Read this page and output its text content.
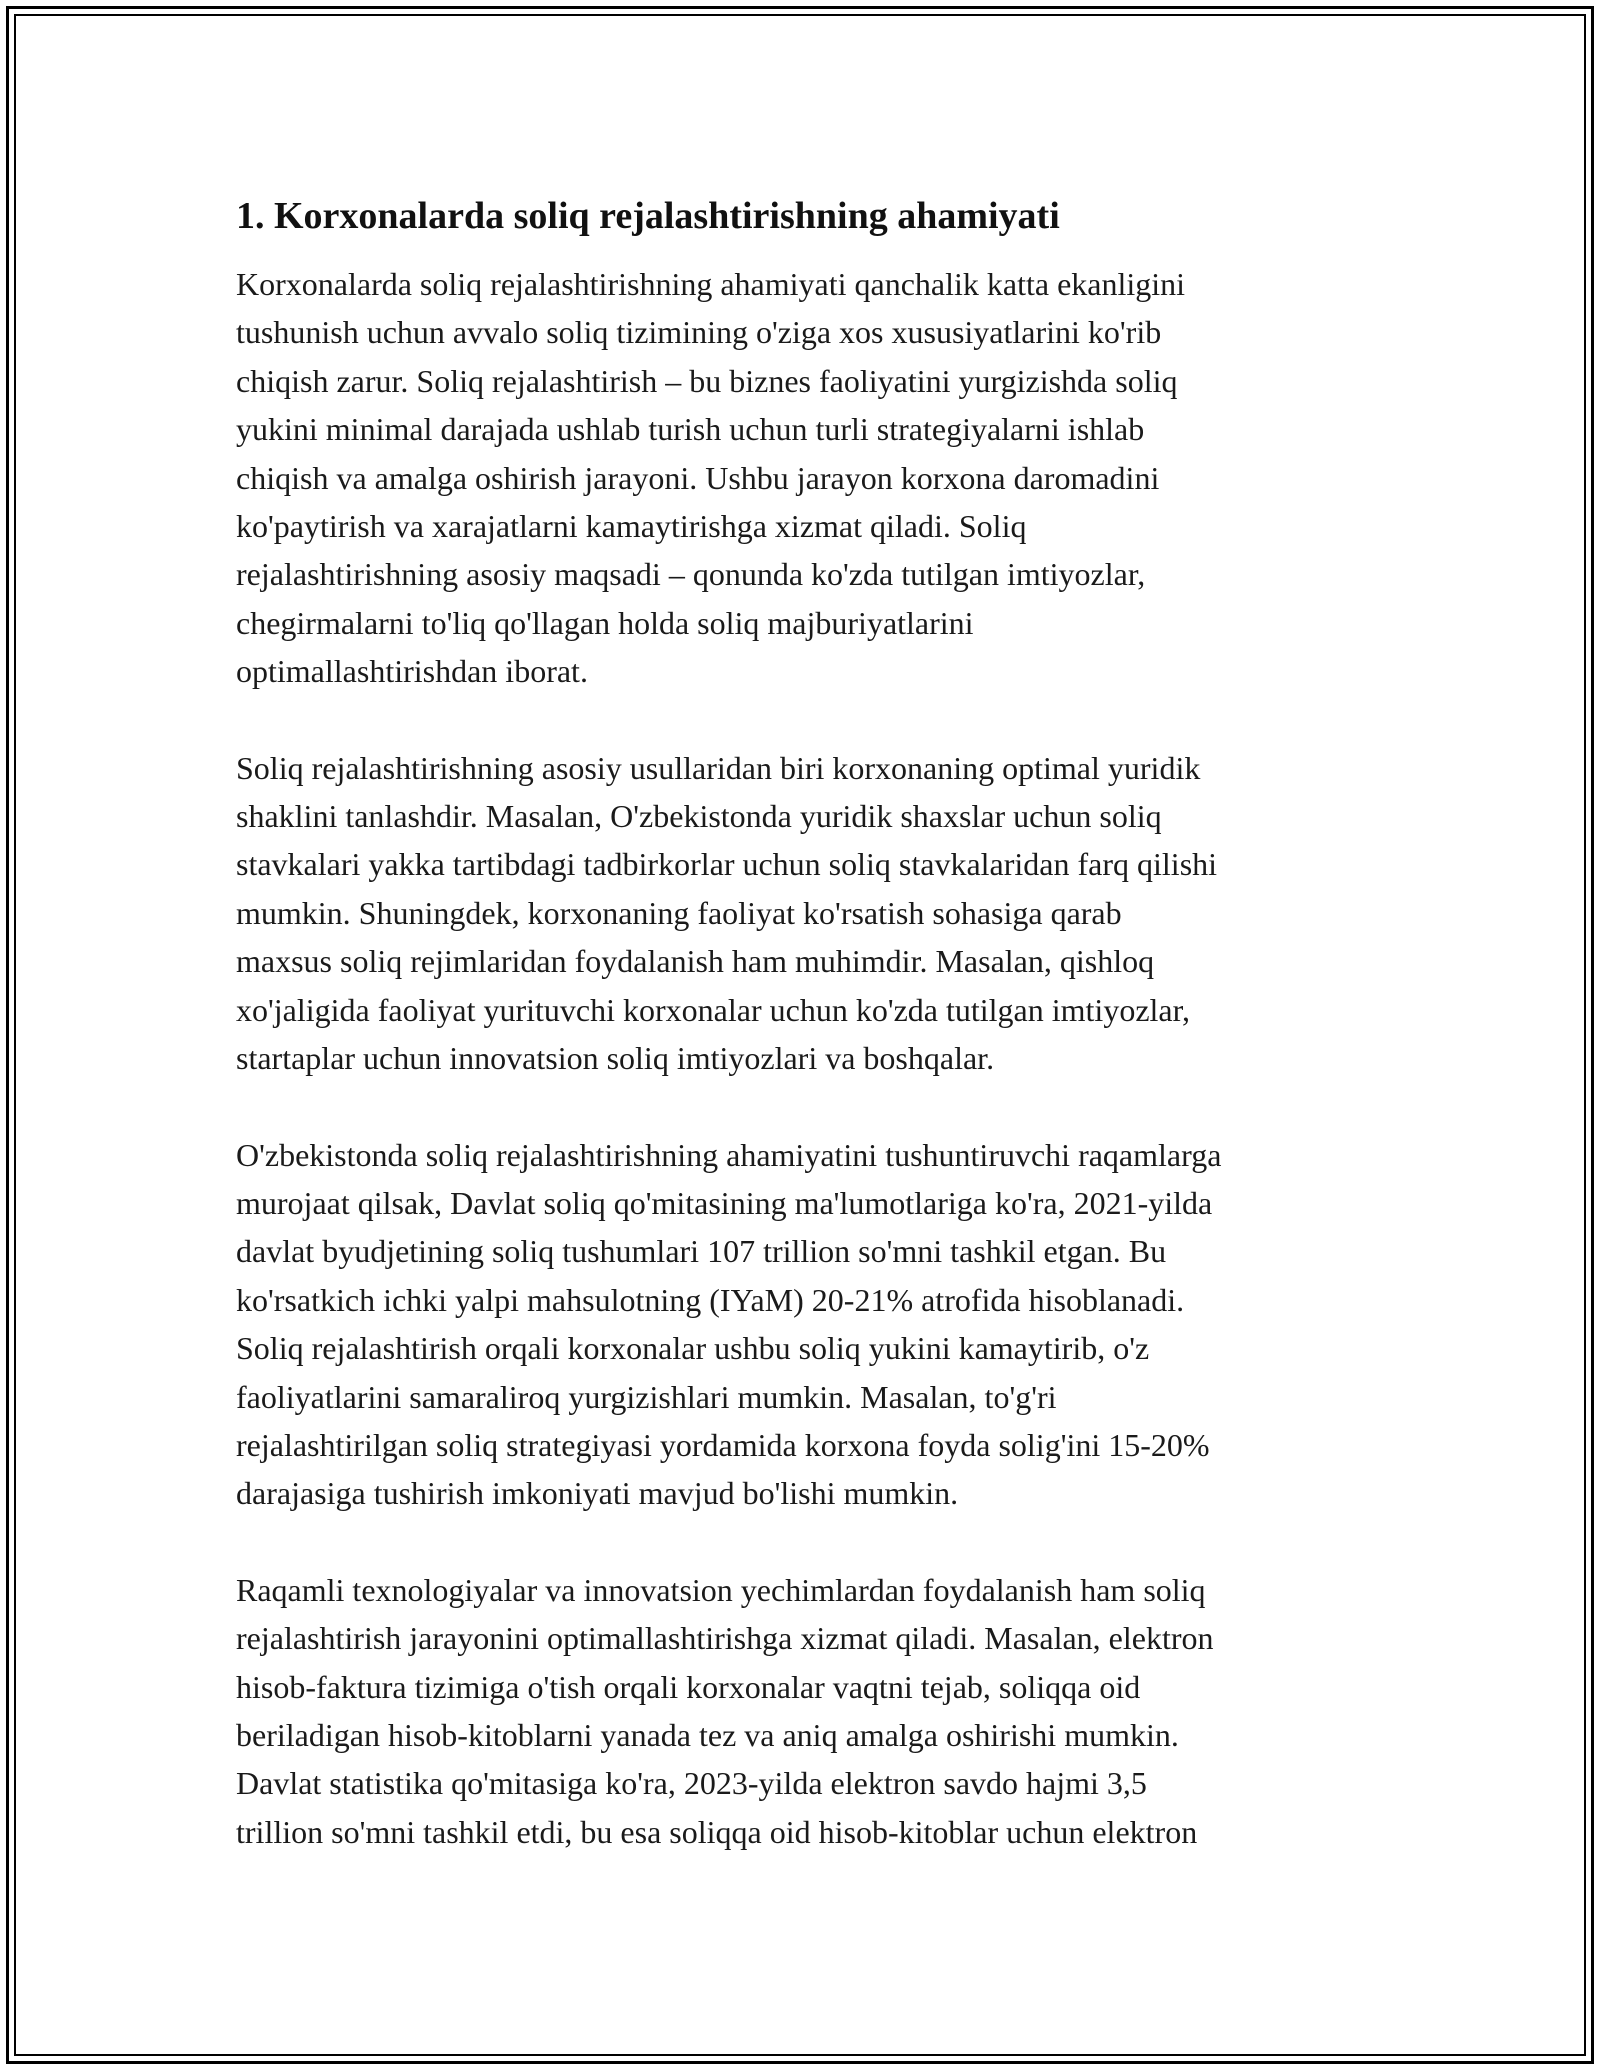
1. Korxonalarda soliq rejalashtirishning ahamiyati
Korxonalarda soliq rejalashtirishning ahamiyati qanchalik katta ekanligini
tushunish uchun avvalo soliq tizimining o'ziga xos xususiyatlarini ko'rib
chiqish zarur. Soliq rejalashtirish – bu biznes faoliyatini yurgizishda soliq
yukini minimal darajada ushlab turish uchun turli strategiyalarni ishlab
chiqish va amalga oshirish jarayoni. Ushbu jarayon korxona daromadini
ko'paytirish va xarajatlarni kamaytirishga xizmat qiladi. Soliq
rejalashtirishning asosiy maqsadi – qonunda ko'zda tutilgan imtiyozlar,
chegirmalarni to'liq qo'llagan holda soliq majburiyatlarini
optimallashtirishdan iborat.
Soliq rejalashtirishning asosiy usullaridan biri korxonaning optimal yuridik
shaklini tanlashdir. Masalan, O'zbekistonda yuridik shaxslar uchun soliq
stavkalari yakka tartibdagi tadbirkorlar uchun soliq stavkalaridan farq qilishi
mumkin. Shuningdek, korxonaning faoliyat ko'rsatish sohasiga qarab
maxsus soliq rejimlaridan foydalanish ham muhimdir. Masalan, qishloq
xo'jaligida faoliyat yurituvchi korxonalar uchun ko'zda tutilgan imtiyozlar,
startaplar uchun innovatsion soliq imtiyozlari va boshqalar.
O'zbekistonda soliq rejalashtirishning ahamiyatini tushuntiruvchi raqamlarga
murojaat qilsak, Davlat soliq qo'mitasining ma'lumotlariga ko'ra, 2021-yilda
davlat byudjetining soliq tushumlari 107 trillion so'mni tashkil etgan. Bu
ko'rsatkich ichki yalpi mahsulotning (IYaM) 20-21% atrofida hisoblanadi.
Soliq rejalashtirish orqali korxonalar ushbu soliq yukini kamaytirib, o'z
faoliyatlarini samaraliroq yurgizishlari mumkin. Masalan, to'g'ri
rejalashtirilgan soliq strategiyasi yordamida korxona foyda solig'ini 15-20%
darajasiga tushirish imkoniyati mavjud bo'lishi mumkin.
Raqamli texnologiyalar va innovatsion yechimlardan foydalanish ham soliq
rejalashtirish jarayonini optimallashtirishga xizmat qiladi. Masalan, elektron
hisob-faktura tizimiga o'tish orqali korxonalar vaqtni tejab, soliqqa oid
beriladigan hisob-kitoblarni yanada tez va aniq amalga oshirishi mumkin.
Davlat statistika qo'mitasiga ko'ra, 2023-yilda elektron savdo hajmi 3,5
trillion so'mni tashkil etdi, bu esa soliqqa oid hisob-kitoblar uchun elektron
